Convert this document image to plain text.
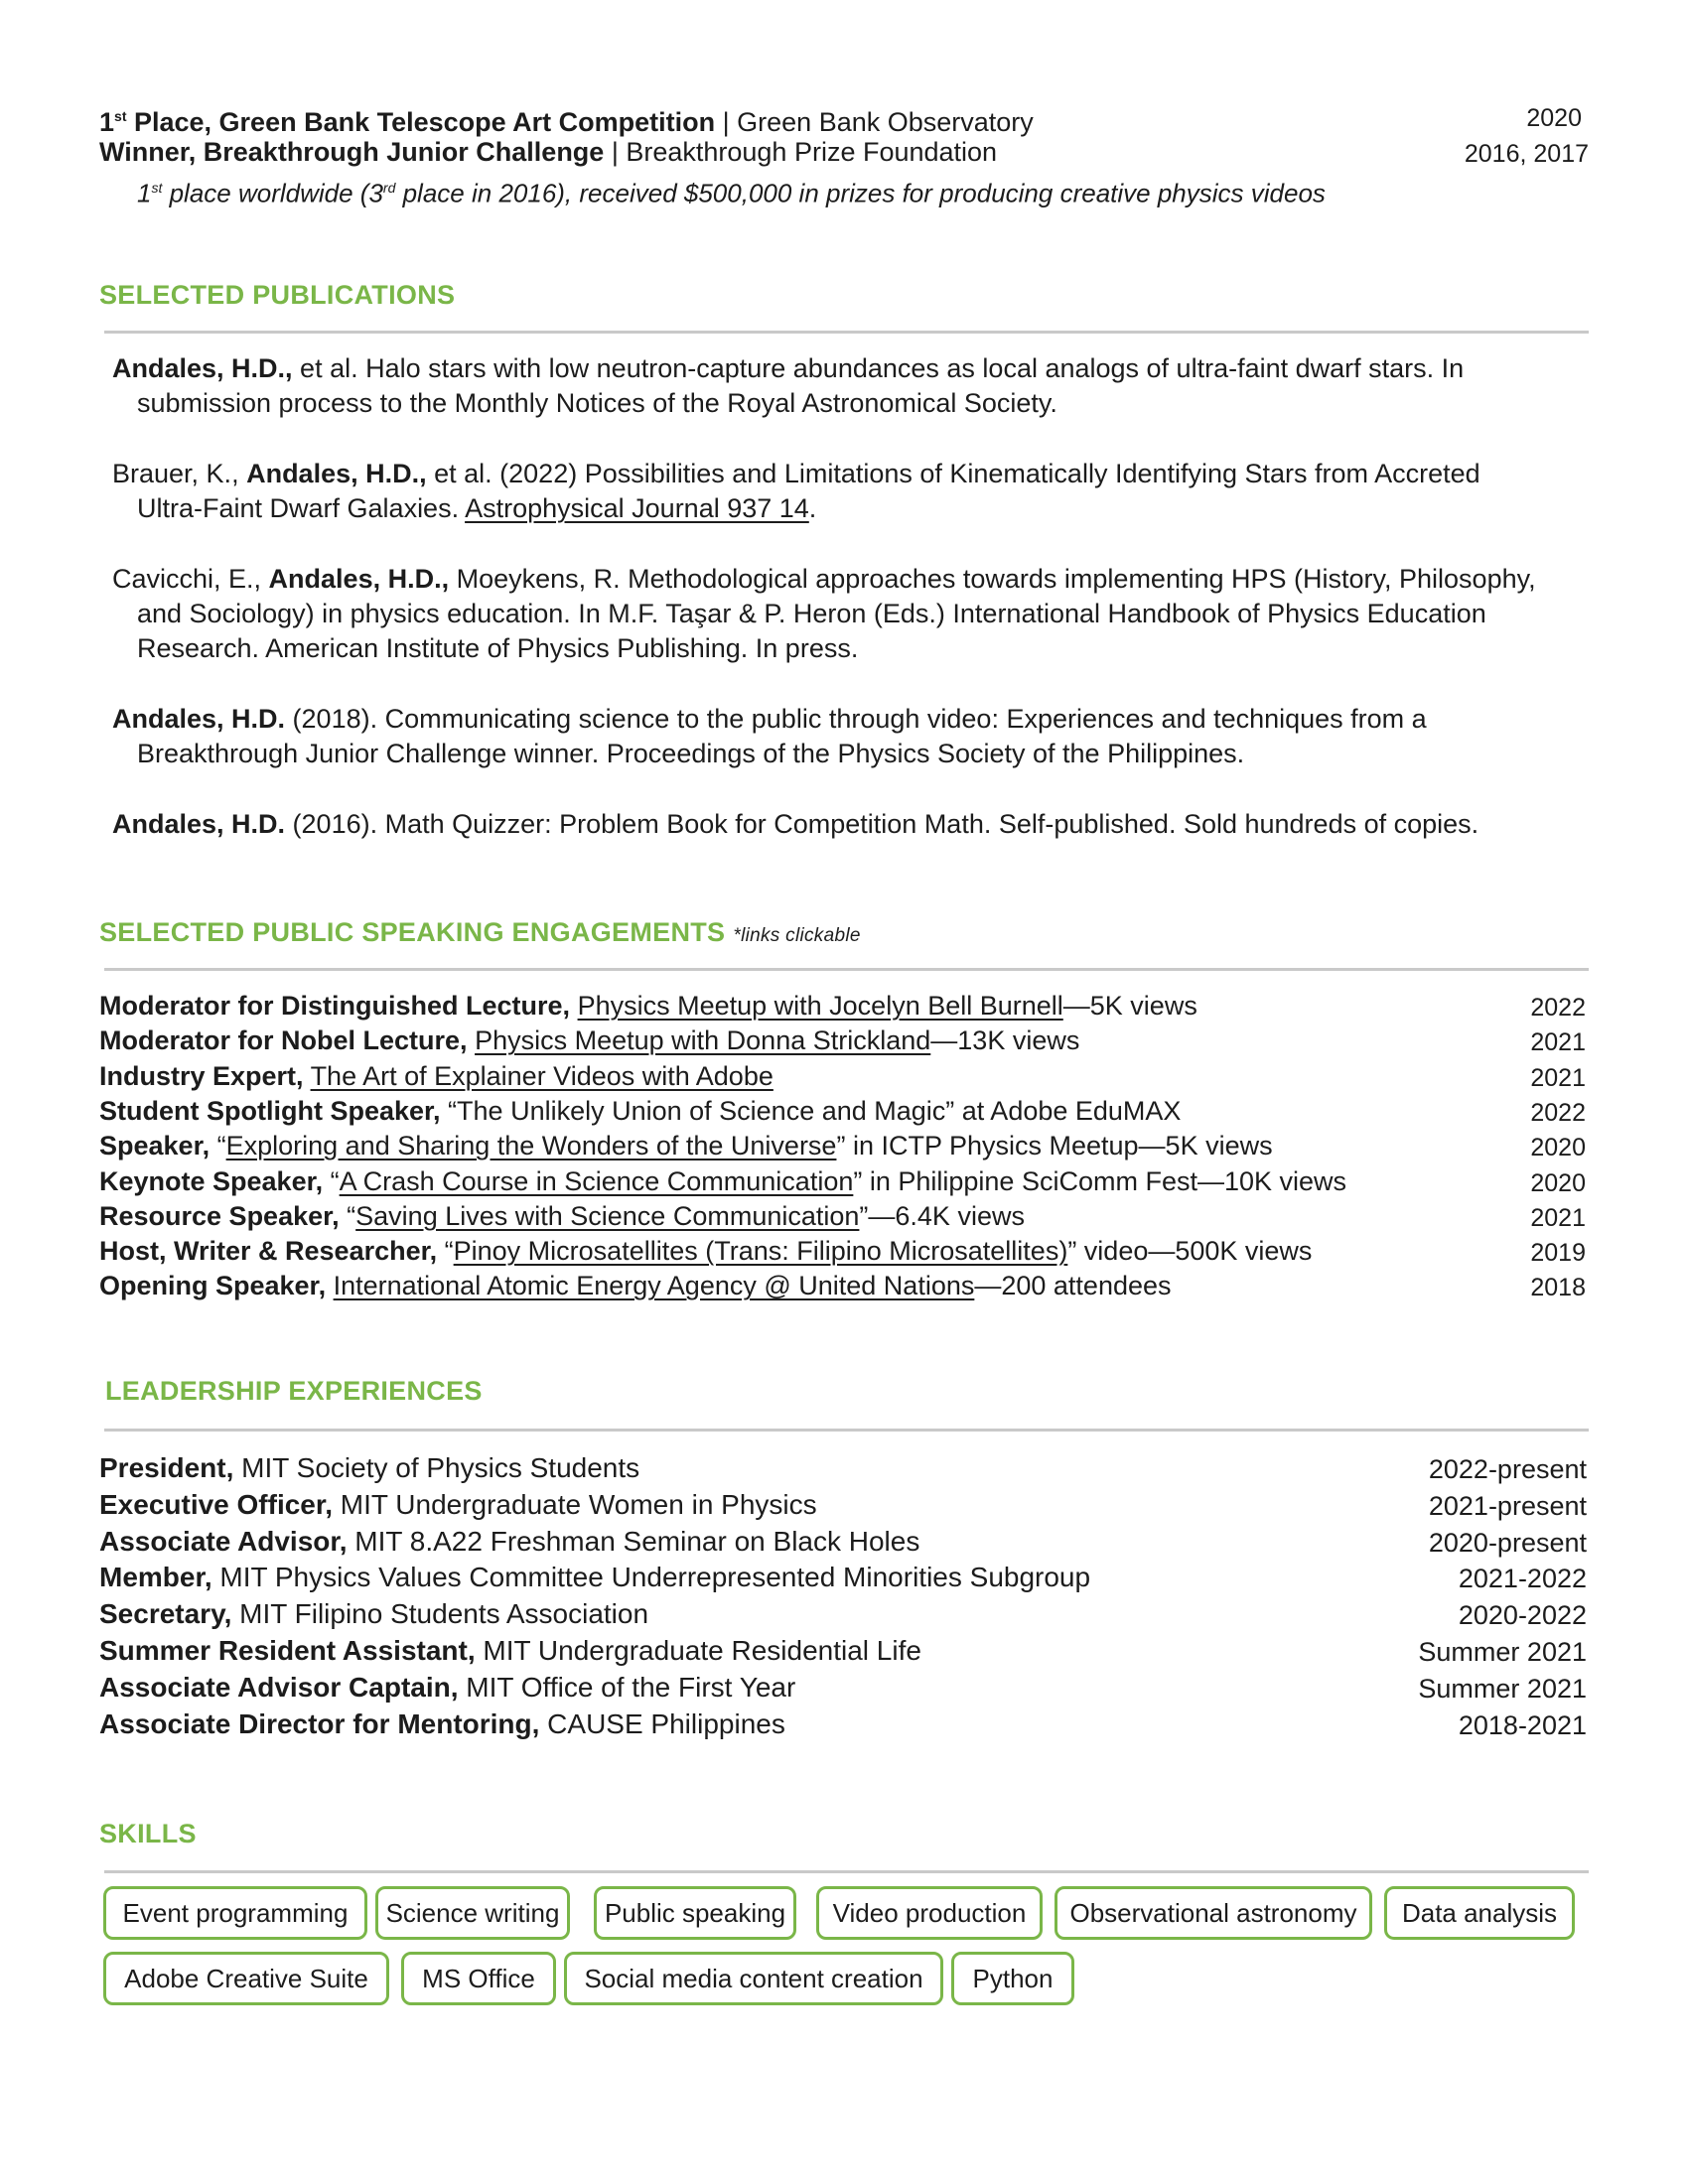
1st Place, Green Bank Telescope Art Competition | Green Bank Observatory	2020
Winner, Breakthrough Junior Challenge | Breakthrough Prize Foundation	2016, 2017
1st place worldwide (3rd place in 2016), received $500,000 in prizes for producing creative physics videos
SELECTED PUBLICATIONS
Andales, H.D., et al. Halo stars with low neutron-capture abundances as local analogs of ultra-faint dwarf stars. In
submission process to the Monthly Notices of the Royal Astronomical Society.
Brauer, K., Andales, H.D., et al. (2022) Possibilities and Limitations of Kinematically Identifying Stars from Accreted
Ultra-Faint Dwarf Galaxies. Astrophysical Journal 937 14.
Cavicchi, E., Andales, H.D., Moeykens, R. Methodological approaches towards implementing HPS (History, Philosophy,
and Sociology) in physics education. In M.F. Taşar & P. Heron (Eds.) International Handbook of Physics Education
Research. American Institute of Physics Publishing. In press.
Andales, H.D. (2018). Communicating science to the public through video: Experiences and techniques from a
Breakthrough Junior Challenge winner. Proceedings of the Physics Society of the Philippines.
Andales, H.D. (2016). Math Quizzer: Problem Book for Competition Math. Self-published. Sold hundreds of copies.
SELECTED PUBLIC SPEAKING ENGAGEMENTS *links clickable
Moderator for Distinguished Lecture, Physics Meetup with Jocelyn Bell Burnell—5K views	2022
Moderator for Nobel Lecture, Physics Meetup with Donna Strickland—13K views	2021
Industry Expert, The Art of Explainer Videos with Adobe	2021
Student Spotlight Speaker, “The Unlikely Union of Science and Magic” at Adobe EduMAX	2022
Speaker, “Exploring and Sharing the Wonders of the Universe” in ICTP Physics Meetup—5K views	2020
Keynote Speaker, “A Crash Course in Science Communication” in Philippine SciComm Fest—10K views	2020
Resource Speaker, “Saving Lives with Science Communication”—6.4K views	2021
Host, Writer & Researcher, “Pinoy Microsatellites (Trans: Filipino Microsatellites)” video—500K views	2019
Opening Speaker, International Atomic Energy Agency @ United Nations—200 attendees	2018
LEADERSHIP EXPERIENCES
President, MIT Society of Physics Students	2022-present
Executive Officer, MIT Undergraduate Women in Physics	2021-present
Associate Advisor, MIT 8.A22 Freshman Seminar on Black Holes	2020-present
Member, MIT Physics Values Committee Underrepresented Minorities Subgroup	2021-2022
Secretary, MIT Filipino Students Association	2020-2022
Summer Resident Assistant, MIT Undergraduate Residential Life	Summer 2021
Associate Advisor Captain, MIT Office of the First Year	Summer 2021
Associate Director for Mentoring, CAUSE Philippines	2018-2021
SKILLS
Event programming	Science writing	Public speaking	Video production	Observational astronomy	Data analysis
Adobe Creative Suite	MS Office	Social media content creation	Python
